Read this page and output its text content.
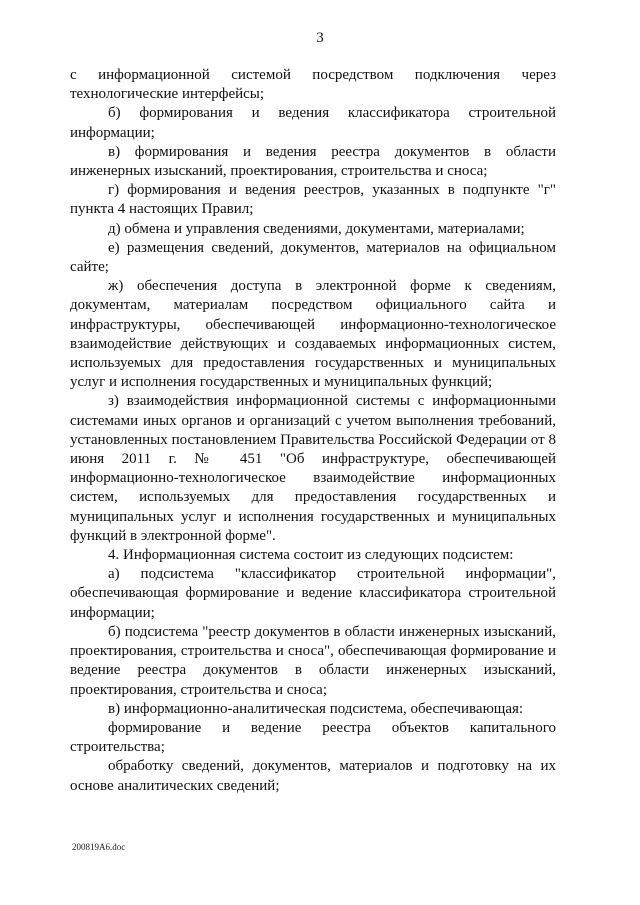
3

с информационной системой посредством подключения через технологические интерфейсы;

б) формирования и ведения классификатора строительной информации;

в) формирования и ведения реестра документов в области инженерных изысканий, проектирования, строительства и сноса;

г) формирования и ведения реестров, указанных в подпункте "г" пункта 4 настоящих Правил;

д) обмена и управления сведениями, документами, материалами;

е) размещения сведений, документов, материалов на официальном сайте;

ж) обеспечения доступа в электронной форме к сведениям, документам, материалам посредством официального сайта и инфраструктуры, обеспечивающей информационно-технологическое взаимодействие действующих и создаваемых информационных систем, используемых для предоставления государственных и муниципальных услуг и исполнения государственных и муниципальных функций;

з) взаимодействия информационной системы с информационными системами иных органов и организаций с учетом выполнения требований, установленных постановлением Правительства Российской Федерации от 8 июня 2011 г. № 451 "Об инфраструктуре, обеспечивающей информационно-технологическое взаимодействие информационных систем, используемых для предоставления государственных и муниципальных услуг и исполнения государственных и муниципальных функций в электронной форме".

4. Информационная система состоит из следующих подсистем:

а) подсистема "классификатор строительной информации", обеспечивающая формирование и ведение классификатора строительной информации;

б) подсистема "реестр документов в области инженерных изысканий, проектирования, строительства и сноса", обеспечивающая формирование и ведение реестра документов в области инженерных изысканий, проектирования, строительства и сноса;

в) информационно-аналитическая подсистема, обеспечивающая:

формирование и ведение реестра объектов капитального строительства;

обработку сведений, документов, материалов и подготовку на их основе аналитических сведений;

200819А6.doc
